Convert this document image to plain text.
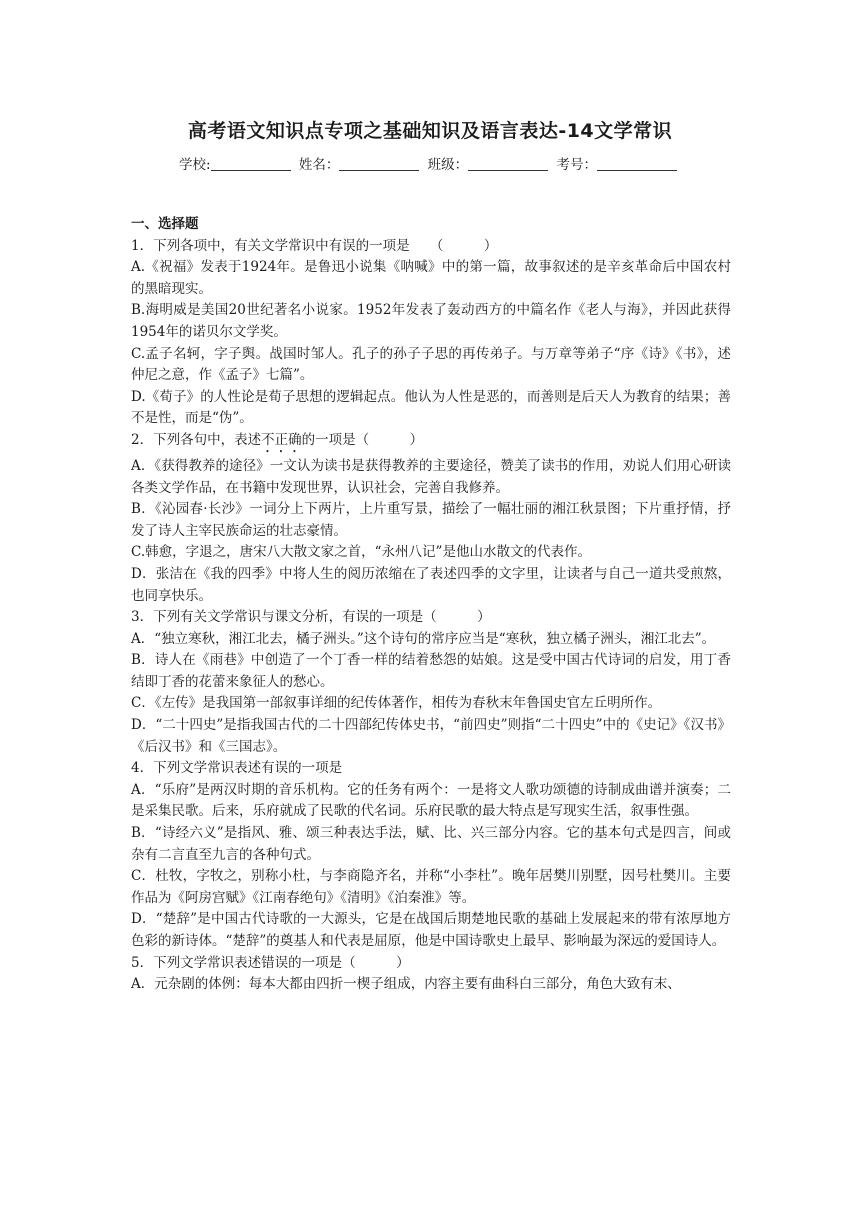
高考语文知识点专项之基础知识及语言表达-14文学常识
学校:	姓名：	班级：	考号：

一、选择题

1．下列各项中，有关文学常识中有误的一项是　　（　　　）

A.《祝福》发表于1924年。是鲁迅小说集《呐喊》中的第一篇，故事叙述的是辛亥革命后中国农村的黑暗现实。

B.海明威是美国20世纪著名小说家。1952年发表了轰动西方的中篇名作《老人与海》，并因此获得1954年的诺贝尔文学奖。

C.孟子名轲，字子舆。战国时邹人。孔子的孙子子思的再传弟子。与万章等弟子“序《诗》《书》，述仲尼之意，作《孟子》七篇”。

D.《荀子》的人性论是荀子思想的逻辑起点。他认为人性是恶的，而善则是后天人为教育的结果；善不是性，而是“伪”。

2．下列各句中，表述不正确的一项是（　　　）

A．《获得教养的途径》一文认为读书是获得教养的主要途径，赞美了读书的作用，劝说人们用心研读各类文学作品，在书籍中发现世界，认识社会，完善自我修养。

B．《沁园春·长沙》一词分上下两片，上片重写景，描绘了一幅壮丽的湘江秋景图；下片重抒情，抒发了诗人主宰民族命运的壮志豪情。

C.韩愈，字退之，唐宋八大散文家之首，“永州八记”是他山水散文的代表作。

D．张洁在《我的四季》中将人生的阅历浓缩在了表述四季的文字里，让读者与自己一道共受煎熬，也同享快乐。

3．下列有关文学常识与课文分析，有误的一项是（　　　）

A．“独立寒秋，湘江北去，橘子洲头。”这个诗句的常序应当是“寒秋，独立橘子洲头，湘江北去”。

B．诗人在《雨巷》中创造了一个丁香一样的结着愁怨的姑娘。这是受中国古代诗词的启发，用丁香结即丁香的花蕾来象征人的愁心。

C．《左传》是我国第一部叙事详细的纪传体著作，相传为春秋末年鲁国史官左丘明所作。

D．“二十四史”是指我国古代的二十四部纪传体史书，“前四史”则指“二十四史”中的《史记》《汉书》《后汉书》和《三国志》。

4．下列文学常识表述有误的一项是

A．“乐府”是两汉时期的音乐机构。它的任务有两个：一是将文人歌功颂德的诗制成曲谱并演奏；二是采集民歌。后来，乐府就成了民歌的代名词。乐府民歌的最大特点是写现实生活，叙事性强。

B．“诗经六义”是指风、雅、颂三种表达手法，赋、比、兴三部分内容。它的基本句式是四言，间或杂有二言直至九言的各种句式。

C．杜牧，字牧之，别称小杜，与李商隐齐名，并称“小李杜”。晚年居樊川别墅，因号杜樊川。主要作品为《阿房宫赋》《江南春绝句》《清明》《泊秦淮》等。

D．“楚辞”是中国古代诗歌的一大源头，它是在战国后期楚地民歌的基础上发展起来的带有浓厚地方色彩的新诗体。“楚辞”的奠基人和代表是屈原，他是中国诗歌史上最早、影响最为深远的爱国诗人。

5．下列文学常识表述错误的一项是（　　　）

A．元杂剧的体例：每本大都由四折一楔子组成，内容主要有曲科白三部分，角色大致有末、
